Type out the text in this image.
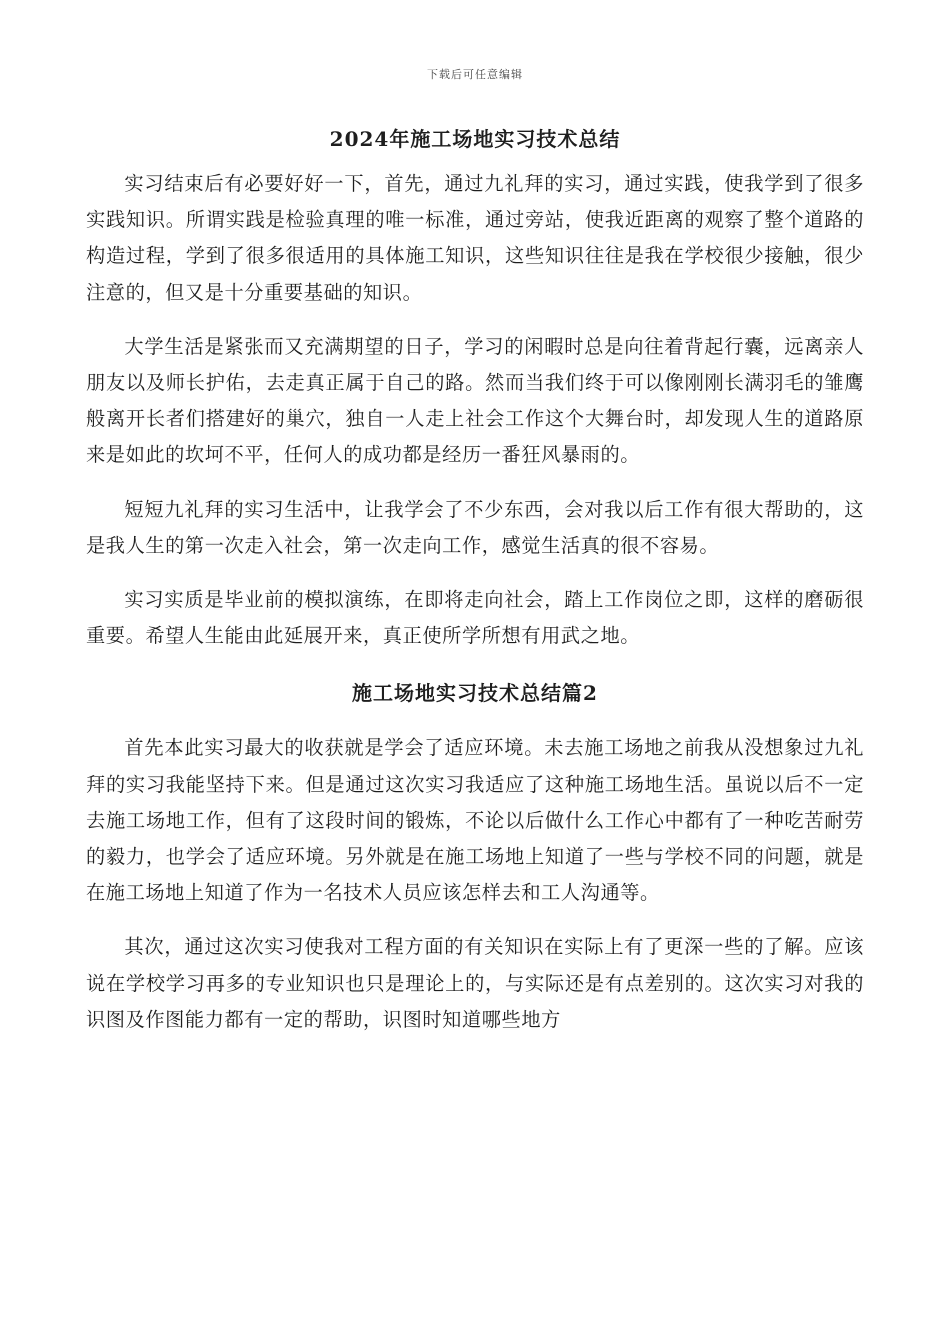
下载后可任意编辑
2024年施工场地实习技术总结

实习结束后有必要好好一下，首先，通过九礼拜的实习，通过实践，使我学到了很多实践知识。所谓实践是检验真理的唯一标准，通过旁站，使我近距离的观察了整个道路的构造过程，学到了很多很适用的具体施工知识，这些知识往往是我在学校很少接触，很少注意的，但又是十分重要基础的知识。

大学生活是紧张而又充满期望的日子，学习的闲暇时总是向往着背起行囊，远离亲人朋友以及师长护佑，去走真正属于自己的路。然而当我们终于可以像刚刚长满羽毛的雏鹰般离开长者们搭建好的巢穴，独自一人走上社会工作这个大舞台时，却发现人生的道路原来是如此的坎坷不平，任何人的成功都是经历一番狂风暴雨的。

短短九礼拜的实习生活中，让我学会了不少东西，会对我以后工作有很大帮助的，这是我人生的第一次走入社会，第一次走向工作，感觉生活真的很不容易。

实习实质是毕业前的模拟演练，在即将走向社会，踏上工作岗位之即，这样的磨砺很重要。希望人生能由此延展开来，真正使所学所想有用武之地。

施工场地实习技术总结篇2

首先本此实习最大的收获就是学会了适应环境。未去施工场地之前我从没想象过九礼拜的实习我能坚持下来。但是通过这次实习我适应了这种施工场地生活。虽说以后不一定去施工场地工作，但有了这段时间的锻炼，不论以后做什么工作心中都有了一种吃苦耐劳的毅力，也学会了适应环境。另外就是在施工场地上知道了一些与学校不同的问题，就是在施工场地上知道了作为一名技术人员应该怎样去和工人沟通等。

其次，通过这次实习使我对工程方面的有关知识在实际上有了更深一些的了解。应该说在学校学习再多的专业知识也只是理论上的，与实际还是有点差别的。这次实习对我的识图及作图能力都有一定的帮助，识图时知道哪些地方
